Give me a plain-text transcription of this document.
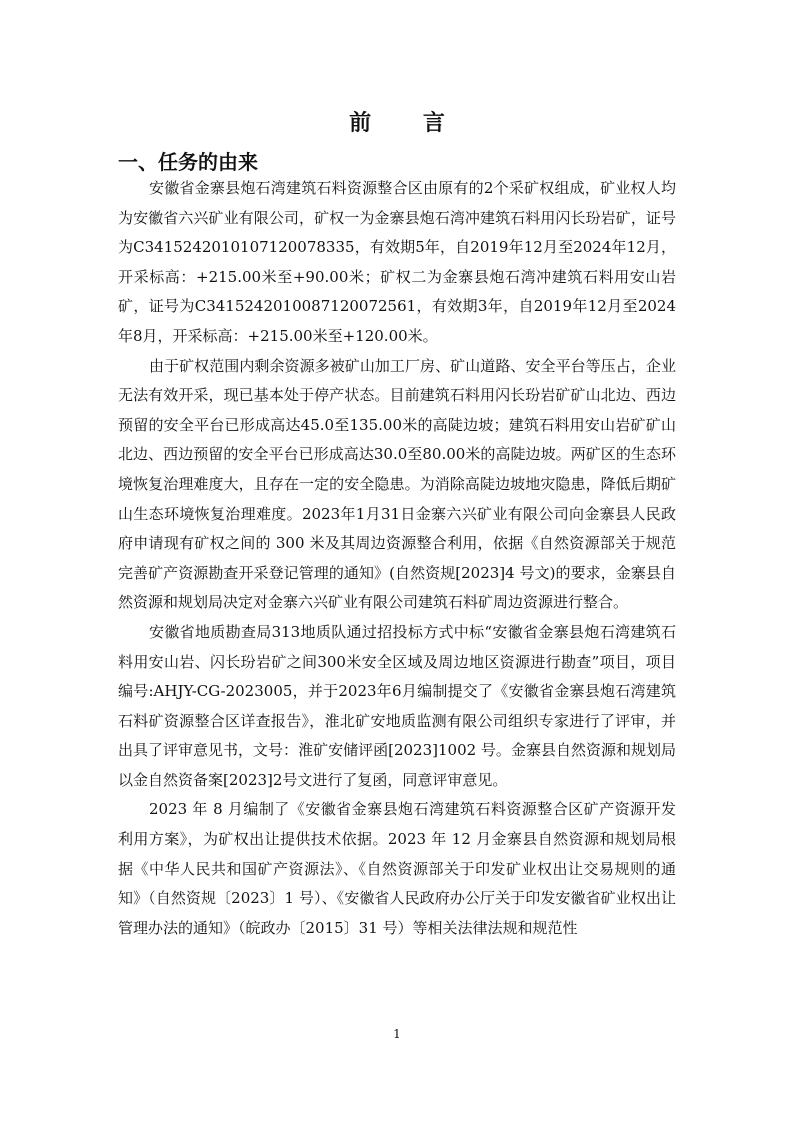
前 言
一、任务的由来

安徽省金寨县炮石湾建筑石料资源整合区由原有的2个采矿权组成，矿业权人均为安徽省六兴矿业有限公司，矿权一为金寨县炮石湾冲建筑石料用闪长玢岩矿，证号为C3415242010107120078335，有效期5年，自2019年12月至2024年12月，开采标高：+215.00米至+90.00米；矿权二为金寨县炮石湾冲建筑石料用安山岩矿，证号为C3415242010087120072561，有效期3年，自2019年12月至2024年8月，开采标高：+215.00米至+120.00米。

由于矿权范围内剩余资源多被矿山加工厂房、矿山道路、安全平台等压占，企业无法有效开采，现已基本处于停产状态。目前建筑石料用闪长玢岩矿矿山北边、西边预留的安全平台已形成高达45.0至135.00米的高陡边坡；建筑石料用安山岩矿矿山北边、西边预留的安全平台已形成高达30.0至80.00米的高陡边坡。两矿区的生态环境恢复治理难度大，且存在一定的安全隐患。为消除高陡边坡地灾隐患，降低后期矿山生态环境恢复治理难度。2023年1月31日金寨六兴矿业有限公司向金寨县人民政府申请现有矿权之间的 300 米及其周边资源整合利用，依据《自然资源部关于规范完善矿产资源勘查开采登记管理的通知》(自然资规[2023]4 号文)的要求，金寨县自然资源和规划局决定对金寨六兴矿业有限公司建筑石料矿周边资源进行整合。

安徽省地质勘查局313地质队通过招投标方式中标“安徽省金寨县炮石湾建筑石料用安山岩、闪长玢岩矿之间300米安全区域及周边地区资源进行勘查”项目，项目编号:AHJY-CG-2023005，并于2023年6月编制提交了《安徽省金寨县炮石湾建筑石料矿资源整合区详查报告》，淮北矿安地质监测有限公司组织专家进行了评审，并出具了评审意见书，文号：淮矿安储评函[2023]1002 号。金寨县自然资源和规划局以金自然资备案[2023]2号文进行了复函，同意评审意见。

2023 年 8 月编制了《安徽省金寨县炮石湾建筑石料资源整合区矿产资源开发利用方案》，为矿权出让提供技术依据。2023 年 12 月金寨县自然资源和规划局根据《中华人民共和国矿产资源法》、《自然资源部关于印发矿业权出让交易规则的通知》（自然资规〔2023〕1 号）、《安徽省人民政府办公厅关于印发安徽省矿业权出让管理办法的通知》（皖政办〔2015〕31 号）等相关法律法规和规范性

1
